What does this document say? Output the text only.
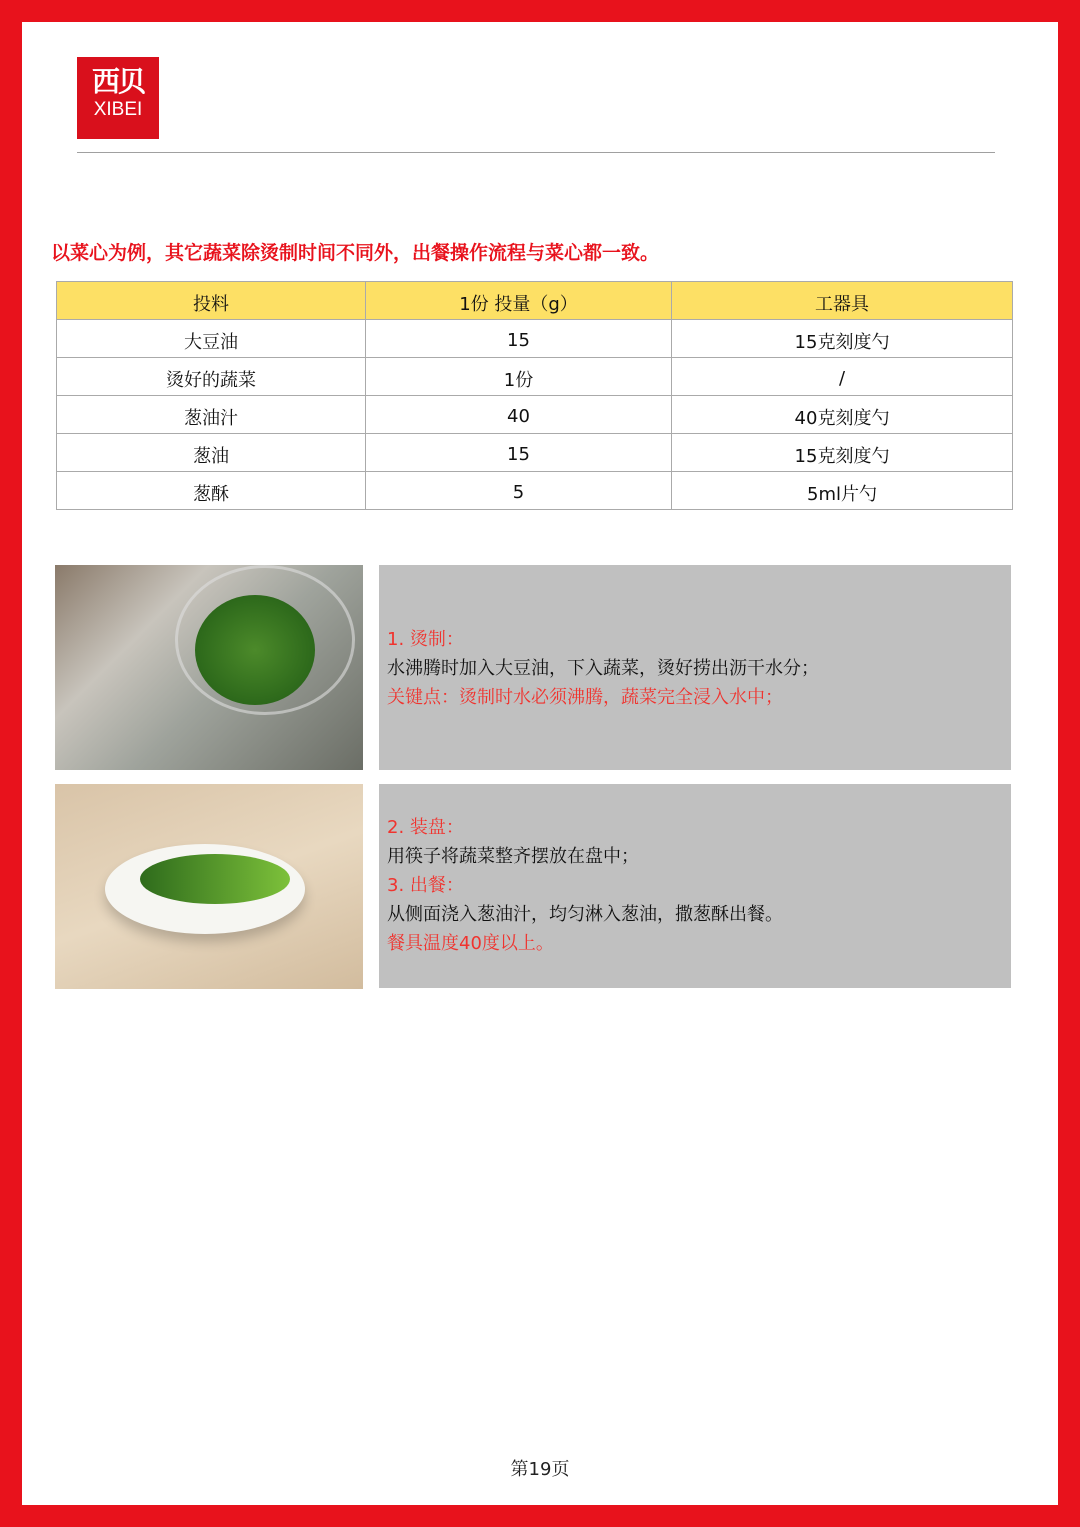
西贝
XIBEI
以菜心为例，其它蔬菜除烫制时间不同外，出餐操作流程与菜心都一致。
投料	1份 投量（g）	工器具
大豆油	15	15克刻度勺
烫好的蔬菜	1份	/
葱油汁	40	40克刻度勺
葱油	15	15克刻度勺
葱酥	5	5ml片勺
1. 烫制：
水沸腾时加入大豆油，下入蔬菜，烫好捞出沥干水分；
关键点：烫制时水必须沸腾，蔬菜完全浸入水中；
2. 装盘：
用筷子将蔬菜整齐摆放在盘中；
3. 出餐：
从侧面浇入葱油汁，均匀淋入葱油，撒葱酥出餐。
餐具温度40度以上。
第19页
